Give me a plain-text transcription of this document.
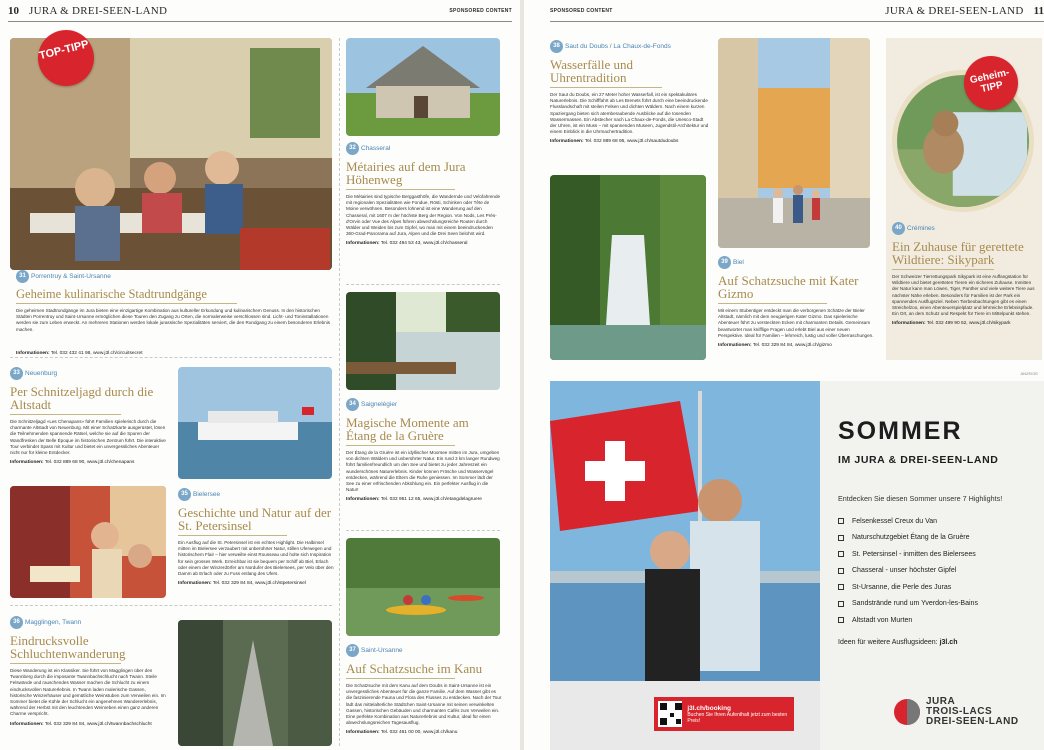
10 JURA & DREI-SEEN-LAND	SPONSORED CONTENT
TOP-TIPP
31 Porrentruy & Saint-Ursanne
Geheime kulinarische Stadtrundgänge
Die geheimen Stadtrundgänge im Jura bieten eine einzigartige Kombination aus kultureller Erkundung und kulinarischem Genuss. In den historischen Städten Porrentruy und Saint-Ursanne ermöglichen diese Touren den Zugang zu Orten, die normalerweise verschlossen sind. Licht- und Toninstallationen werden sie zum Leben erweckt. An mehreren Stationen werden lokale jurassische Spezialitäten serviert, die den Rundgang zu einem besonderen Erlebnis machen.
Informationen: Tel. 032 432 41 98, www.j3l.ch/circuitsecret
32 Chasseral
Métairies auf dem Jura Höhenweg
Die Métairies sind typische Berggasthöfe, die Wandernde und Velofahrende mit regionalen Spezialitäten wie Fondue, Rösti, Schinken oder Tête de Moine verwöhnen. Besonders lohnend ist eine Wanderung auf den Chasseral, mit 1607 m der höchste Berg der Region. Von Nods, Les Prés-d'Orvin oder Vue des Alpes führen abwechslungsreiche Routen durch Wälder und Weiden bis zum Gipfel, wo man mit einem beeindruckenden 360-Grad-Panorama auf Jura, Alpen und die Drei Seen belohnt wird.
Informationen: Tel. 032 494 53 43, www.j3l.ch/chasseral
34 Saignelégier
Magische Momente am Étang de la Gruère
Der Étang de la Gruère ist ein idyllischer Moorsee mitten im Jura, umgeben von dichten Wäldern und unberührter Natur. Ein rund 3 km langer Rundweg führt familienfreundlich um den See und bietet zu jeder Jahreszeit ein wunderschönes Naturerlebnis. Kinder können Frösche und Wasservögel entdecken, während die Eltern die Ruhe geniessen. Im Sommer lädt der See zu einer erfrischenden Abkühlung ein. Ein perfekter Ausflug in die Natur!
Informationen: Tel. 032 951 12 65, www.j3l.ch/etangdelagruere
37 Saint-Ursanne
Auf Schatzsuche im Kanu
Die Schatzsuche mit dem Kanu auf dem Doubs in Saint-Ursanne ist ein unvergessliches Abenteuer für die ganze Familie. Auf dem Wasser gibt es die faszinierende Fauna und Flora des Flusses zu entdecken. Nach der Tour lädt das mittelalterliche Städtchen Saint-Ursanne mit seinen verwinkelten Gassen, historischen Gebäuden und charmanten Cafés zum Verweilen ein. Eine perfekte Kombination aus Naturerlebnis und Kultur, ideal für einen abwechslungsreichen Tagesausflug.
Informationen: Tel. 032 461 00 00, www.j3l.ch/kanu
33 Neuenburg
Per Schnitzeljagd durch die Altstadt
Die Schnitzeljagd «Les Chenapans» führt Familien spielerisch durch die charmante Altstadt von Neuenburg. Mit einer Schatzkarte ausgerüstet, lösen die Teilnehmenden spannende Rätsel, welche sie auf die Spuren der Wandfresken der Belle Époque im historischen Zentrum führt. Die interaktive Tour verbindet Spass mit Kultur und bietet ein unvergessliches Abenteuer nicht nur für kleine Entdecker.
Informationen: Tel. 032 889 68 90, www.j3l.ch/chenapans
35 Bielersee
Geschichte und Natur auf der St. Petersinsel
Ein Ausflug auf die St. Petersinsel ist ein echtes Highlight. Die Halbinsel mitten im Bielersee verzaubert mit unberührter Natur, stillen Uferwegen und historischem Flair – hier verweilte einst Rousseau und holte sich Inspiration für sein grosses Werk. Erreichbar ist sie bequem per Schiff ab Biel, Erlach oder einem der Winzerdörfer am Nordufer des Bielersees, per Velo über den Damm ab Erlach oder zu Fuss entlang des Ufers.
Informationen: Tel. 032 329 84 84, www.j3l.ch/stpetersinsel
36 Magglingen, Twann
Eindrucksvolle Schluchtenwanderung
Diese Wanderung ist ein Klassiker. Sie führt von Magglingen über den Twannberg durch die imposante Twannbachschlucht nach Twann. Steile Felswände und rauschendes Wasser machen die Schlucht zu einem eindrucksvollen Naturerlebnis. In Twann laden malerische Gassen, historische Winzerhäuser und gemütliche Weinstuben zum Verweilen ein. Im Sommer bietet die Kühle der Schlucht ein angenehmes Wandererlebnis, während der Herbst mit den leuchtenden Weinreben einen ganz anderen Charme verspricht.
Informationen: Tel. 032 329 84 84, www.j3l.ch/twannbachschlucht
SPONSORED CONTENT	JURA & DREI-SEEN-LAND 11
38 Saut du Doubs / La Chaux-de-Fonds
Wasserfälle und Uhrentradition
Der Saut du Doubs, ein 27 Meter hoher Wasserfall, ist ein spektakuläres Naturerlebnis. Die Schifffahrt ab Les Brenets führt durch eine beeindruckende Flusslandschaft mit steilen Felsen und dichten Wäldern. Nach einem kurzen Spaziergang bieten sich atemberaubende Ausblicke auf die tosenden Wassermassen. Ein Abstecher nach La Chaux-de-Fonds, die Unesco-Stadt der Uhren, ist ein Muss – mit spannenden Museen, Jugendstil-Architektur und einem Einblick in die Uhrmachertradition.
Informationen: Tel. 032 889 68 95, www.j3l.ch/sautdudoubs
39 Biel
Auf Schatzsuche mit Kater Gizmo
Mit einem Stubentiger entdeckt man die verborgenen Schätze der Bieler Altstadt, nämlich mit dem neugierigen Kater Gizmo. Das spielerische Abenteuer führt zu versteckten Ecken mit charmanten Details. Gemeinsam beantwortet man knifflige Fragen und erlebt Biel aus einer neuen Perspektive. Ideal für Familien – lehrreich, lustig und voller Überraschungen.
Informationen: Tel. 032 329 84 84, www.j3l.ch/gizmo
Geheim-TIPP
40 Crémines
Ein Zuhause für gerettete Wildtiere: Sikypark
Der Schweizer Tierrettungspark Sikypark ist eine Auffangstation für Wildtiere und bietet geretteten Tieren ein sicheres Zuhause. Inmitten der Natur kann man Löwen, Tiger, Panther und viele weitere Tiere aus nächster Nähe erleben. Besonders für Familien ist der Park ein spannendes Ausflugsziel. Neben Tierbeobachtungen gibt es einen Streichelzoo, einen Abenteuerspielplatz und lehrreiche Erlebnispfade. Ein Ort, an dem Schutz und Respekt für Tiere im Mittelpunkt stehen.
Informationen: Tel. 032 499 90 52, www.j3l.ch/sikypark
ANZEIGE
j3l.ch/booking
Buchen Sie Ihren Aufenthalt jetzt zum besten Preis!
SOMMER
IM JURA & DREI-SEEN-LAND
Entdecken Sie diesen Sommer unsere 7 Highlights!
Felsenkessel Creux du Van
Naturschutzgebiet Étang de la Gruère
St. Petersinsel - inmitten des Bielersees
Chasseral - unser höchster Gipfel
St-Ursanne, die Perle des Juras
Sandstrände rund um Yverdon-les-Bains
Altstadt von Murten
Ideen für weitere Ausflugsideen: j3l.ch
JURA
TROIS-LACS
DREI-SEEN-LAND
